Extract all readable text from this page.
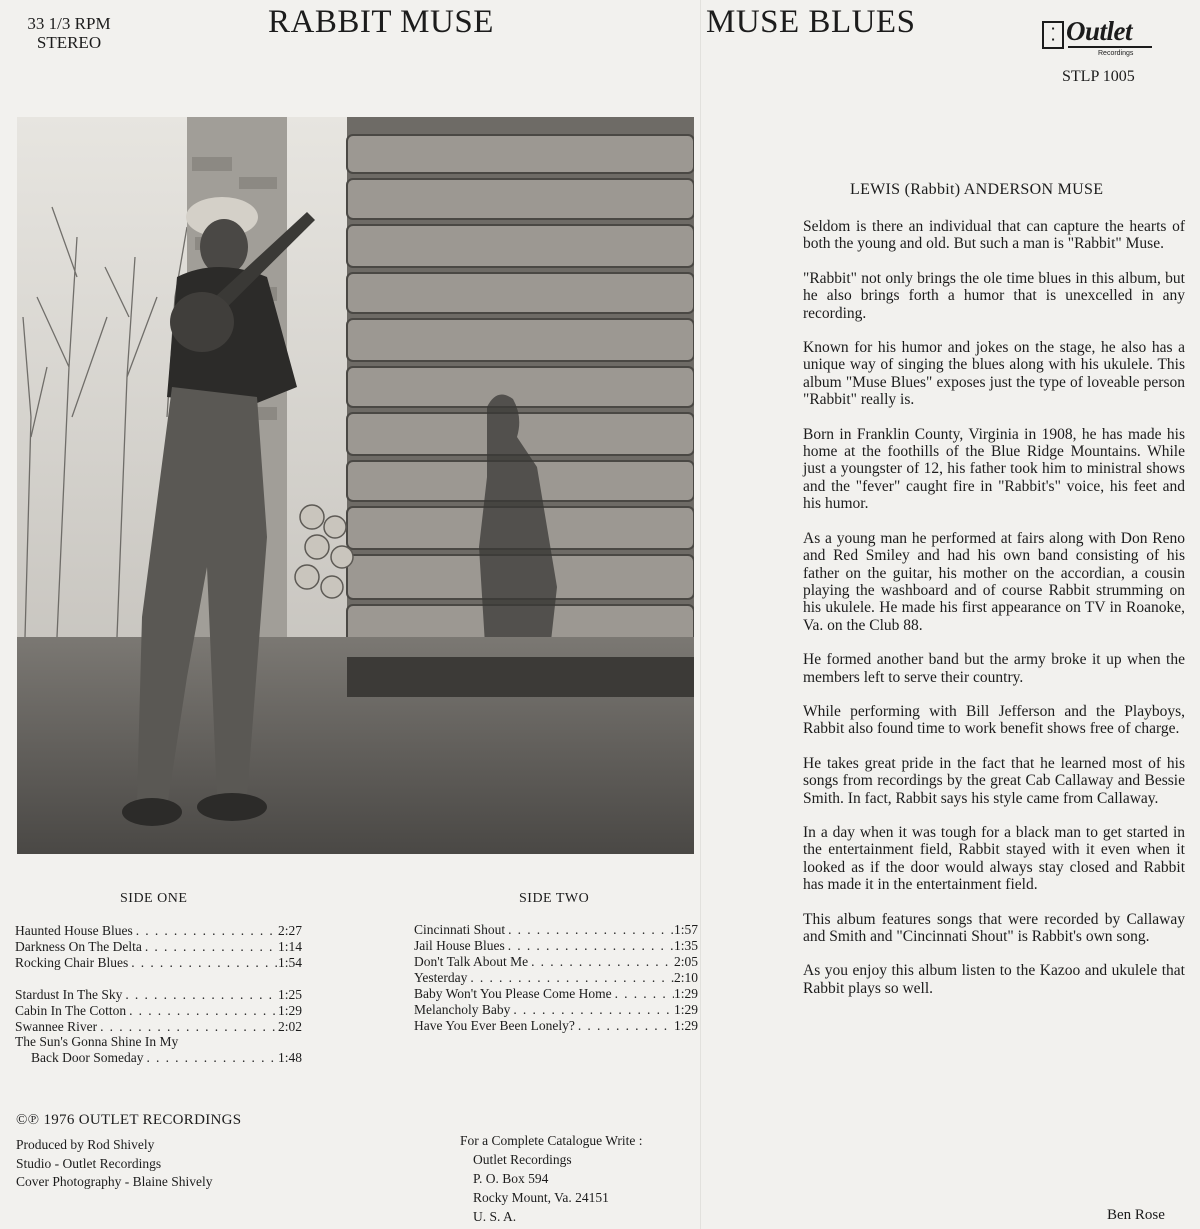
33 1/3 RPM
STEREO
RABBIT MUSE	MUSE BLUES	▪
▪ Outlet
Recordings
STLP 1005
SIDE ONE
Haunted House Blues . . .	2:27
Darkness On The Delta . . .	1:14
Rocking Chair Blues . . .	1:54
Stardust In The Sky . . .	1:25
Cabin In The Cotton . . .	1:29
Swannee River . . .	2:02
The Sun's Gonna Shine In My
Back Door Someday . . .	1:48
SIDE TWO
Cincinnati Shout . . .	1:57
Jail House Blues . . .	1:35
Don't Talk About Me . . .	2:05
Yesterday . . .	2:10
Baby Won't You Please Come Home . . .	1:29
Melancholy Baby . . .	1:29
Have You Ever Been Lonely? . . .	1:29
©℗ 1976 OUTLET RECORDINGS
Produced by Rod Shively
Studio - Outlet Recordings
Cover Photography - Blaine Shively
For a Complete Catalogue Write :
Outlet Recordings
P. O. Box 594
Rocky Mount, Va. 24151
U. S. A.
LEWIS (Rabbit) ANDERSON MUSE

Seldom is there an individual that can capture the hearts of both the young and old. But such a man is "Rabbit" Muse.

"Rabbit" not only brings the ole time blues in this album, but he also brings forth a humor that is unexcelled in any recording.

Known for his humor and jokes on the stage, he also has a unique way of singing the blues along with his ukulele. This album "Muse Blues" exposes just the type of loveable person "Rabbit" really is.

Born in Franklin County, Virginia in 1908, he has made his home at the foothills of the Blue Ridge Mountains. While just a youngster of 12, his father took him to ministral shows and the "fever" caught fire in "Rabbit's" voice, his feet and his humor.

As a young man he performed at fairs along with Don Reno and Red Smiley and had his own band consisting of his father on the guitar, his mother on the accordian, a cousin playing the washboard and of course Rabbit strumming on his ukulele. He made his first appearance on TV in Roanoke, Va. on the Club 88.

He formed another band but the army broke it up when the members left to serve their country.

While performing with Bill Jefferson and the Playboys, Rabbit also found time to work benefit shows free of charge.

He takes great pride in the fact that he learned most of his songs from recordings by the great Cab Callaway and Bessie Smith. In fact, Rabbit says his style came from Callaway.

In a day when it was tough for a black man to get started in the entertainment field, Rabbit stayed with it even when it looked as if the door would always stay closed and Rabbit has made it in the entertainment field.

This album features songs that were recorded by Callaway and Smith and "Cincinnati Shout" is Rabbit's own song.

As you enjoy this album listen to the Kazoo and ukulele that Rabbit plays so well.

Ben Rose
